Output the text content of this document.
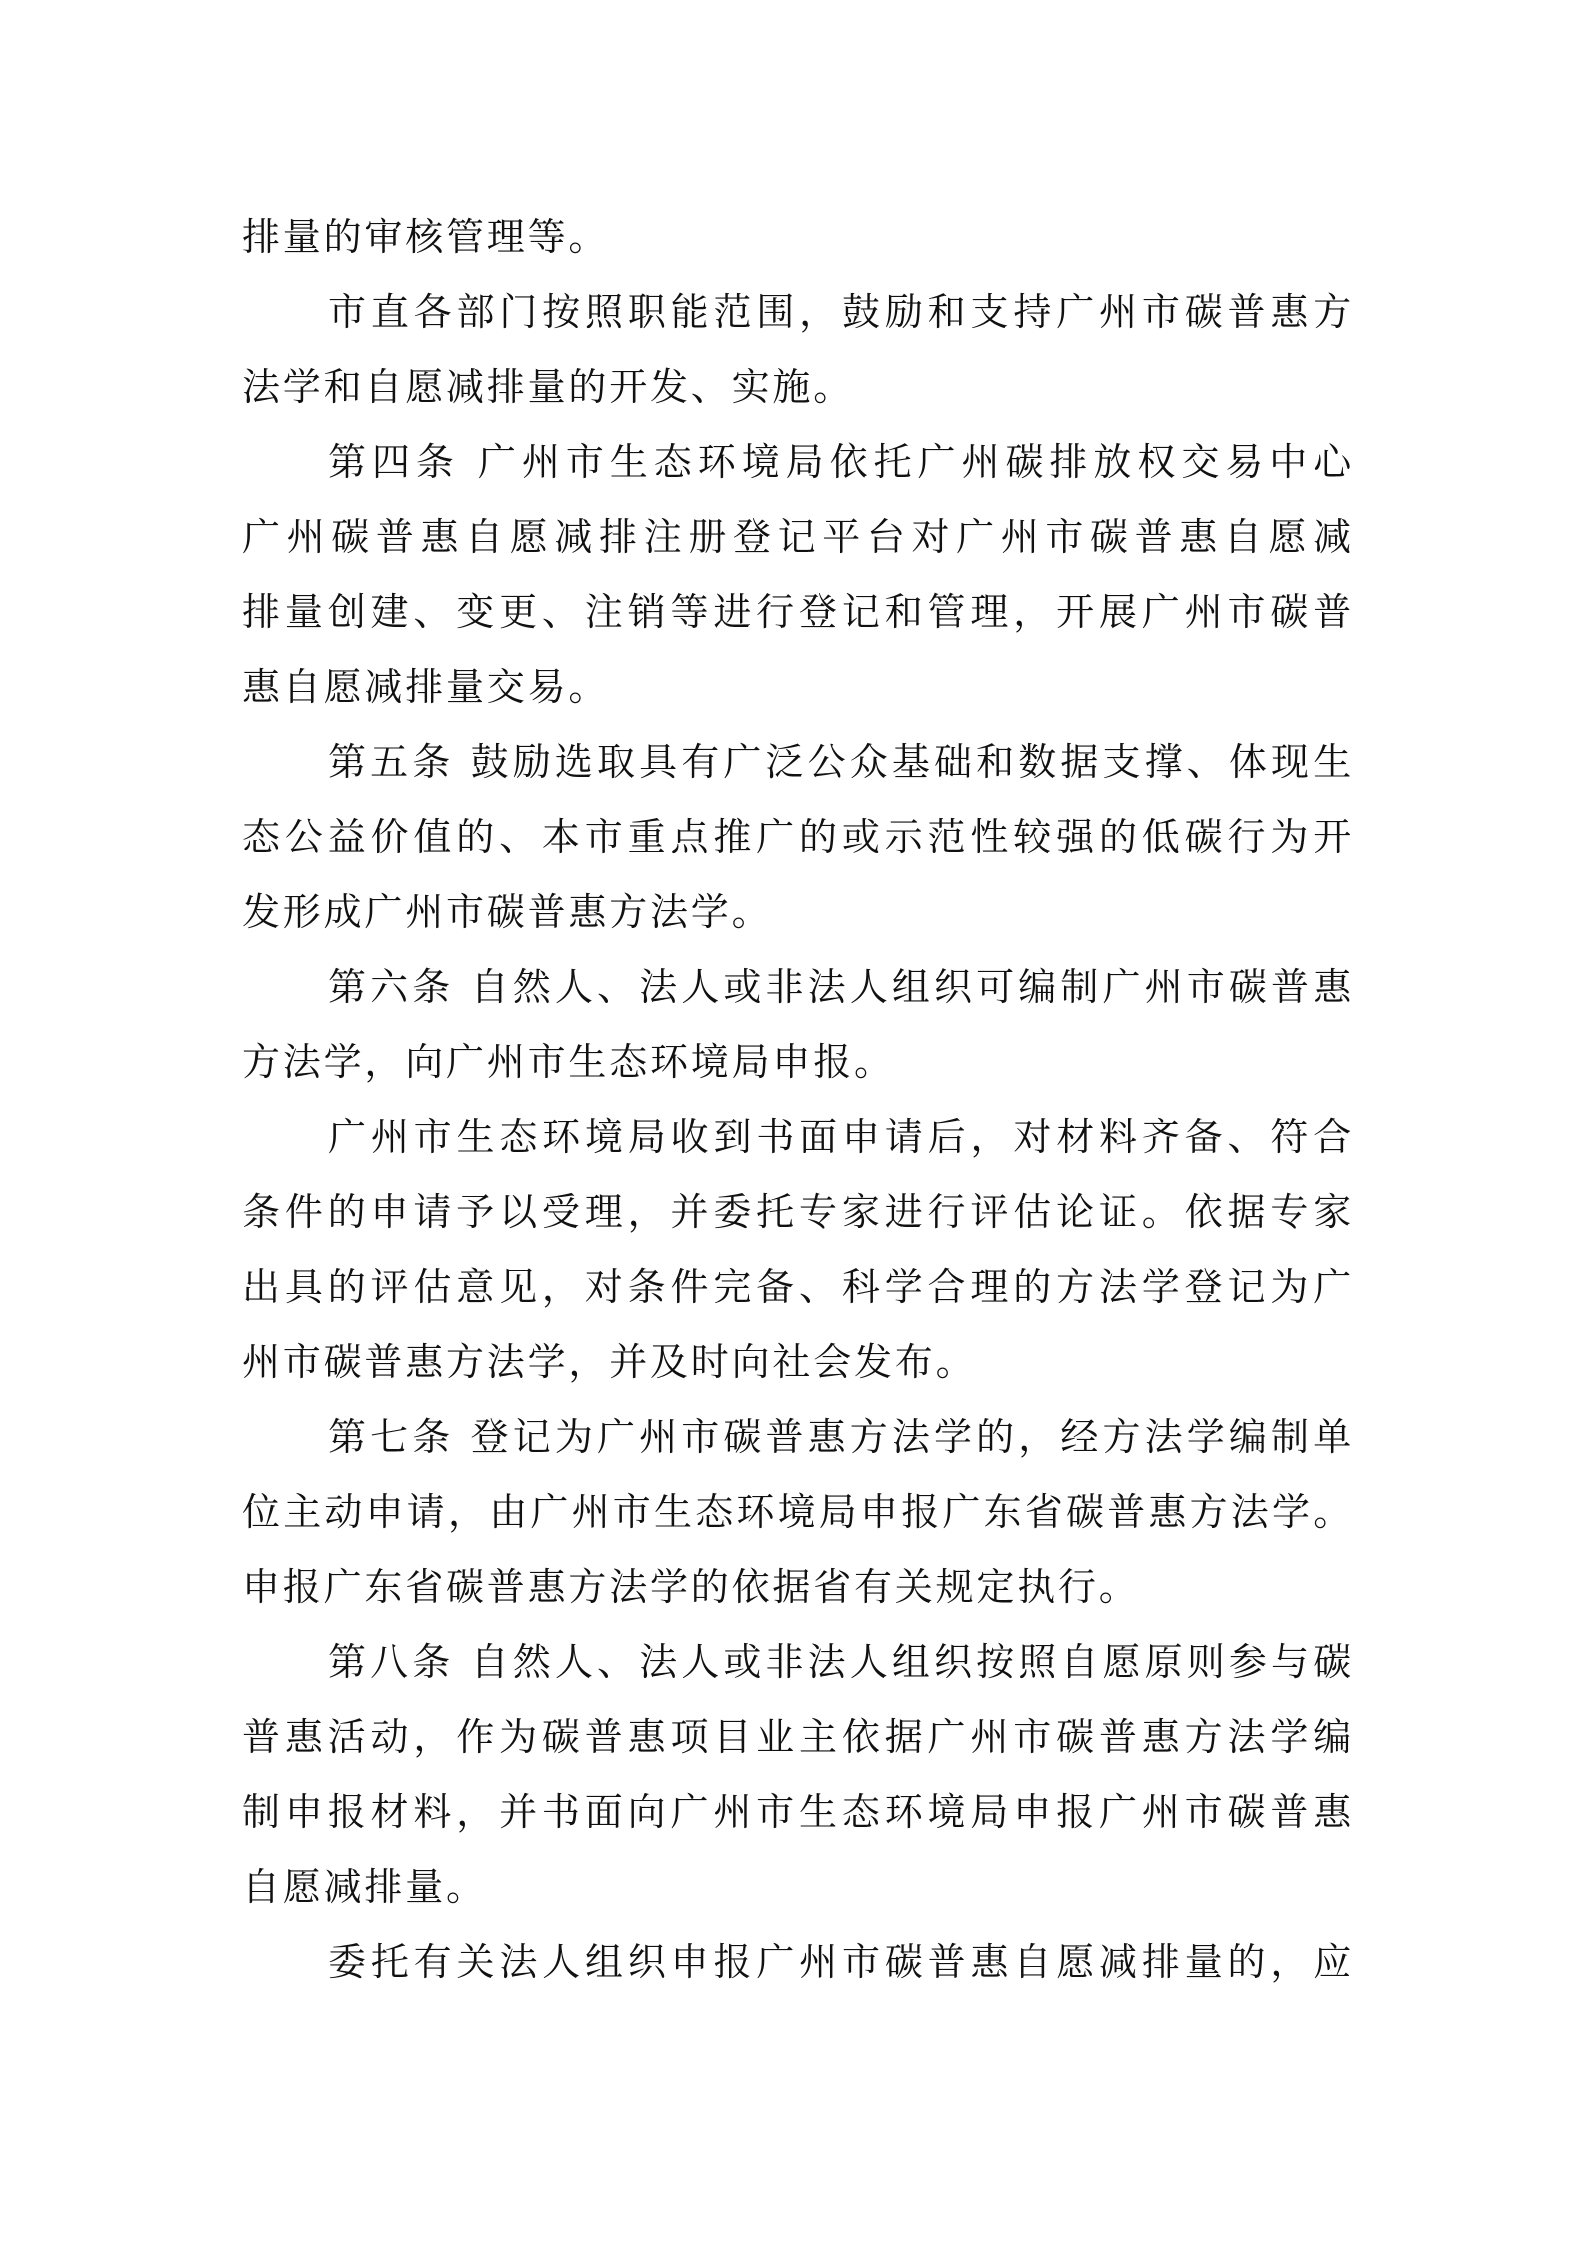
排量的审核管理等。
市直各部门按照职能范围，鼓励和支持广州市碳普惠方
法学和自愿减排量的开发、实施。
第四条 广州市生态环境局依托广州碳排放权交易中心
广州碳普惠自愿减排注册登记平台对广州市碳普惠自愿减
排量创建、变更、注销等进行登记和管理，开展广州市碳普
惠自愿减排量交易。
第五条 鼓励选取具有广泛公众基础和数据支撑、体现生
态公益价值的、本市重点推广的或示范性较强的低碳行为开
发形成广州市碳普惠方法学。
第六条 自然人、法人或非法人组织可编制广州市碳普惠
方法学，向广州市生态环境局申报。
广州市生态环境局收到书面申请后，对材料齐备、符合
条件的申请予以受理，并委托专家进行评估论证。依据专家
出具的评估意见，对条件完备、科学合理的方法学登记为广
州市碳普惠方法学，并及时向社会发布。
第七条 登记为广州市碳普惠方法学的，经方法学编制单
位主动申请，由广州市生态环境局申报广东省碳普惠方法学。
申报广东省碳普惠方法学的依据省有关规定执行。
第八条 自然人、法人或非法人组织按照自愿原则参与碳
普惠活动，作为碳普惠项目业主依据广州市碳普惠方法学编
制申报材料，并书面向广州市生态环境局申报广州市碳普惠
自愿减排量。
委托有关法人组织申报广州市碳普惠自愿减排量的，应
